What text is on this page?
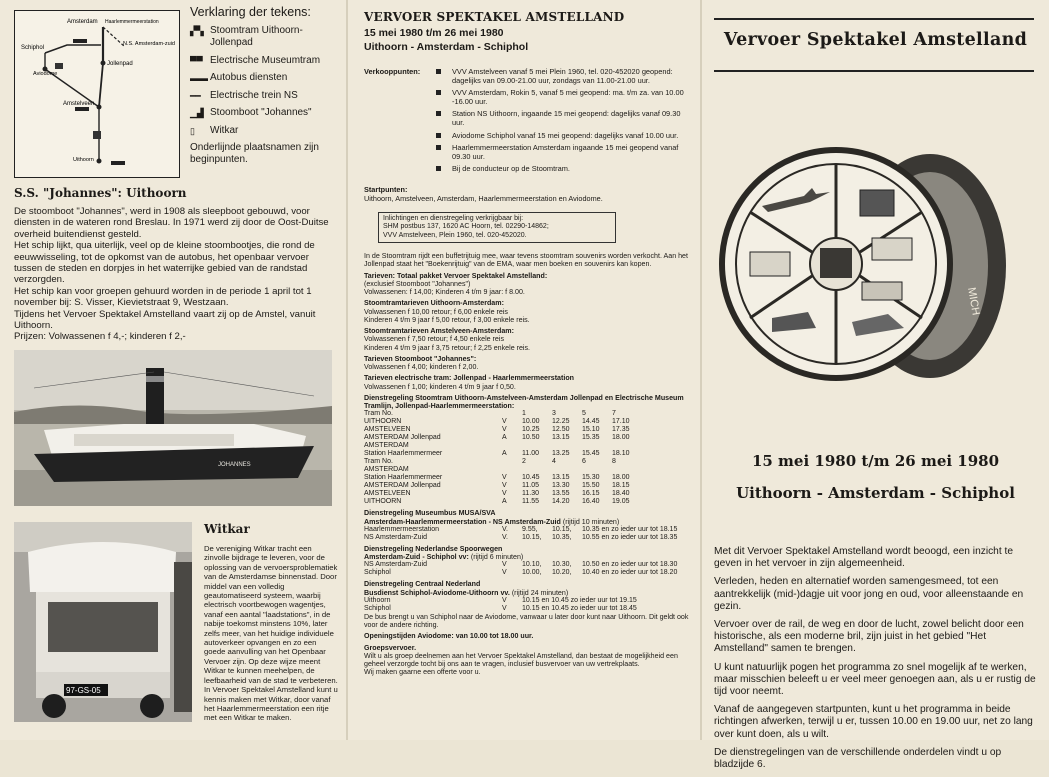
Amsterdam Haarlemmermeerstation
N.S. Amsterdam-zuid
Schiphol
Jollenpad
Aviodome
Amstelveen
Uithoorn
Verklaring der tekens:
▞▚ Stoomtram Uithoorn-Jollenpad
▀▀ Electrische Museumtram
▬▬ Autobus diensten
━━ Electrische trein NS
▁▟ Stoomboot "Johannes"
▯	Witkar
Onderlijnde plaatsnamen zijn beginpunten.
S.S. "Johannes": Uithoorn
De stoomboot "Johannes", werd in 1908 als sleepboot gebouwd, voor diensten in de wateren rond Breslau. In 1971 werd zij door de Oost-Duitse overheid buitendienst gesteld.
Het schip lijkt, qua uiterlijk, veel op de kleine stoombootjes, die rond de eeuwwisseling, tot de opkomst van de autobus, het openbaar vervoer tussen de steden en dorpjes in het waterrijke gebied van de randstad verzorgden.
Het schip kan voor groepen gehuurd worden in de periode 1 april tot 1 november bij: S. Visser, Kievietstraat 9, Westzaan.
Tijdens het Vervoer Spektakel Amstelland vaart zij op de Amstel, vanuit Uithoorn.
Prijzen: Volwassenen f 4,-; kinderen f 2,-
JOHANNES
97-GS-05
Witkar
De vereniging Witkar tracht een zinvolle bijdrage te leveren, voor de oplossing van de vervoersproblematiek van de Amsterdamse binnenstad. Door middel van een volledig geautomatiseerd systeem, waarbij electrisch voortbewogen wagentjes, vanaf een aantal "laadstations", in de nabije toekomst minstens 10%, later zelfs meer, van het huidige individuele autoverkeer opvangen en zo een goede aanvulling van het Openbaar Vervoer zijn. Op deze wijze meent Witkar te kunnen meehelpen, de leefbaarheid van de stad te verbeteren.
In Vervoer Spektakel Amstelland kunt u kennis maken met Witkar, door vanaf het Haarlemmermeerstation een ritje met een Witkar te maken.
VERVOER SPEKTAKEL AMSTELLAND
15 mei 1980 t/m 26 mei 1980
Uithoorn - Amsterdam - Schiphol
Verkooppunten:	VVV Amstelveen vanaf 5 mei Plein 1960, tel. 020-452020 geopend: dagelijks van 09.00-21.00 uur, zondags van 11.00-21.00 uur.
VVV Amsterdam, Rokin 5, vanaf 5 mei geopend: ma. t/m za. van 10.00 -16.00 uur.
Station NS Uithoorn, ingaande 15 mei geopend: dagelijks vanaf 09.30 uur.
Aviodome Schiphol vanaf 15 mei geopend: dagelijks vanaf 10.00 uur.
Haarlemmermeerstation Amsterdam ingaande 15 mei geopend vanaf 09.30 uur.
Bij de conducteur op de Stoomtram.
Startpunten:
Uithoorn, Amstelveen, Amsterdam, Haarlemmermeerstation en Aviodome.
Inlichtingen en dienstregeling verkrijgbaar bij:
SHM postbus 137, 1620 AC Hoorn, tel. 02290-14862;
VVV Amstelveen, Plein 1960, tel. 020-452020.
In de Stoomtram rijdt een buffetrijtuig mee, waar tevens stoomtram souvenirs worden verkocht. Aan het Jollenpad staat het "Boekenrijtuig" van de EMA, waar men boeken en souvenirs kan kopen.
Tarieven: Totaal pakket Vervoer Spektakel Amstelland:
(exclusief Stoomboot "Johannes")
Volwassenen: f 14,00; Kinderen 4 t/m 9 jaar: f 8.00.
Stoomtramtarieven Uithoorn-Amsterdam:
Volwassenen f 10,00 retour; f 6,00 enkele reis
Kinderen 4 t/m 9 jaar f 5,00 retour, f 3,00 enkele reis.
Stoomtramtarieven Amstelveen-Amsterdam:
Volwassenen f 7,50 retour; f 4,50 enkele reis
Kinderen 4 t/m 9 jaar f 3,75 retour; f 2,25 enkele reis.
Tarieven Stoomboot "Johannes":
Volwassenen f 4,00; kinderen f 2,00.
Tarieven electrische tram: Jollenpad - Haarlemmermeerstation
Volwassenen f 1,00; kinderen 4 t/m 9 jaar f 0,50.
Dienstregeling Stoomtram Uithoorn-Amstelveen-Amsterdam Jollenpad en Electrische Museum Tramlijn, Jollenpad-Haarlemmermeerstation:
Tram No.		1	3	5	7
UITHOORN	V	10.00	12.25	14.45	17.10
AMSTELVEEN	V	10.25	12.50	15.10	17.35
AMSTERDAM Jollenpad	A	10.50	13.15	15.35	18.00
AMSTERDAM					
Station Haarlemmermeer	A	11.00	13.25	15.45	18.10
Tram No.		2	4	6	8
AMSTERDAM					
Station Haarlemmermeer	V	10.45	13.15	15.30	18.00
AMSTERDAM Jollenpad	V	11.05	13.30	15.50	18.15
AMSTELVEEN	V	11.30	13.55	16.15	18.40
UITHOORN	A	11.55	14.20	16.40	19.05
Dienstregeling Museumbus MUSA/SVA
Amsterdam-Haarlemmermeerstation - NS Amsterdam-Zuid (rijtijd 10 minuten)
Haarlemmermeerstation	V.	9.55,	10.15,	10.35 en zo ieder uur tot 18.15
NS Amsterdam-Zuid	V.	10.15,	10.35,	10.55 en zo ieder uur tot 18.35
Dienstregeling Nederlandse Spoorwegen
Amsterdam-Zuid - Schiphol vv: (rijtijd 6 minuten)
NS Amsterdam-Zuid	V	10.10,	10.30,	10.50 en zo ieder uur tot 18.30
Schiphol	V	10.00,	10.20,	10.40 en zo ieder uur tot 18.20
Dienstregeling Centraal Nederland
Busdienst Schiphol-Aviodome-Uithoorn vv. (rijtijd 24 minuten)
Uithoorn	V	10.15 en 10.45 zo ieder uur tot 19.15
Schiphol	V	10.15 en 10.45 zo ieder uur tot 18.45
De bus brengt u van Schiphol naar de Aviodome, vanwaar u later door kunt naar Uithoorn. Dit geldt ook voor de andere richting.
Openingstijden Aviodome: van 10.00 tot 18.00 uur.
Groepsvervoer.
Wilt u als groep deelnemen aan het Vervoer Spektakel Amstelland, dan bestaat de mogelijkheid een geheel verzorgde tocht bij ons aan te vragen, inclusief busvervoer van uw vertrekplaats.
Wij maken gaarne een offerte voor u.
Vervoer Spektakel Amstelland
MICH
15 mei 1980 t/m 26 mei 1980
Uithoorn - Amsterdam - Schiphol

Met dit Vervoer Spektakel Amstelland wordt beoogd, een inzicht te geven in het vervoer in zijn algemeenheid.

Verleden, heden en alternatief worden samengesmeed, tot een aantrekkelijk (mid-)dagje uit voor jong en oud, voor alleenstaande en gezin.

Vervoer over de rail, de weg en door de lucht, zowel belicht door een historische, als een moderne bril, zijn juist in het gebied "Het Amstelland" samen te brengen.

U kunt natuurlijk pogen het programma zo snel mogelijk af te werken, maar misschien beleeft u er veel meer genoegen aan, als u er rustig de tijd voor neemt.

Vanaf de aangegeven startpunten, kunt u het programma in beide richtingen afwerken, terwijl u er, tussen 10.00 en 19.00 uur, net zo lang over kunt doen, als u wilt.

De dienstregelingen van de verschillende onderdelen vindt u op bladzijde 6.
